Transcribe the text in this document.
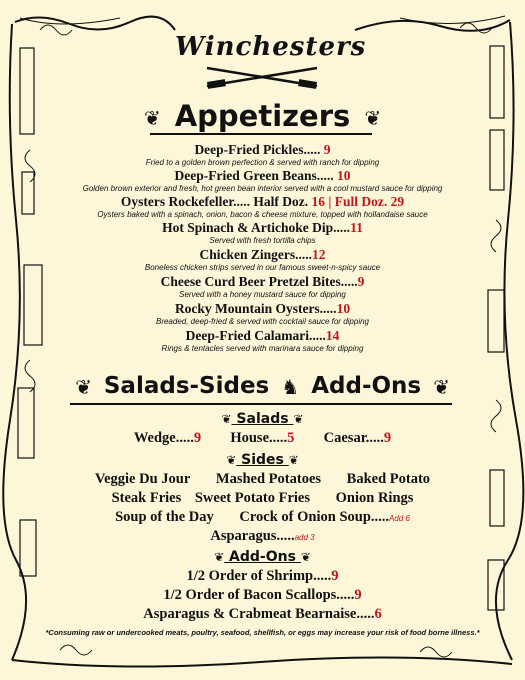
Winchesters
❦ Appetizers ❦
Deep-Fried Pickles..... 9
Fried to a golden brown perfection & served with ranch for dipping
Deep-Fried Green Beans..... 10
Golden brown exterior and fresh, hot green bean interior served with a cool mustard sauce for dipping
Oysters Rockefeller..... Half Doz. 16 | Full Doz. 29
Oysters baked with a spinach, onion, bacon & cheese mixture, topped with hollandaise sauce
Hot Spinach & Artichoke Dip.....11
Served with fresh tortilla chips
Chicken Zingers.....12
Boneless chicken strips served in our famous sweet-n-spicy sauce
Cheese Curd Beer Pretzel Bites.....9
Served with a honey mustard sauce for dipping
Rocky Mountain Oysters.....10
Breaded, deep-fried & served with cocktail sauce for dipping
Deep-Fried Calamari.....14
Rings & tentacles served with marinara sauce for dipping
❦ Salads-Sides ♞ Add-Ons ❦
❦ Salads ❦
Wedge.....9 House.....5 Caesar.....9
❦ Sides ❦
Veggie Du Jour Mashed Potatoes Baked Potato
Steak Fries Sweet Potato Fries Onion Rings
Soup of the Day Crock of Onion Soup.....Add 6
Asparagus.....add 3
❦ Add-Ons ❦
1/2 Order of Shrimp.....9
1/2 Order of Bacon Scallops.....9
Asparagus & Crabmeat Bearnaise.....6
*Consuming raw or undercooked meats, poultry, seafood, shellfish, or eggs may increase your risk of food borne illness.*
